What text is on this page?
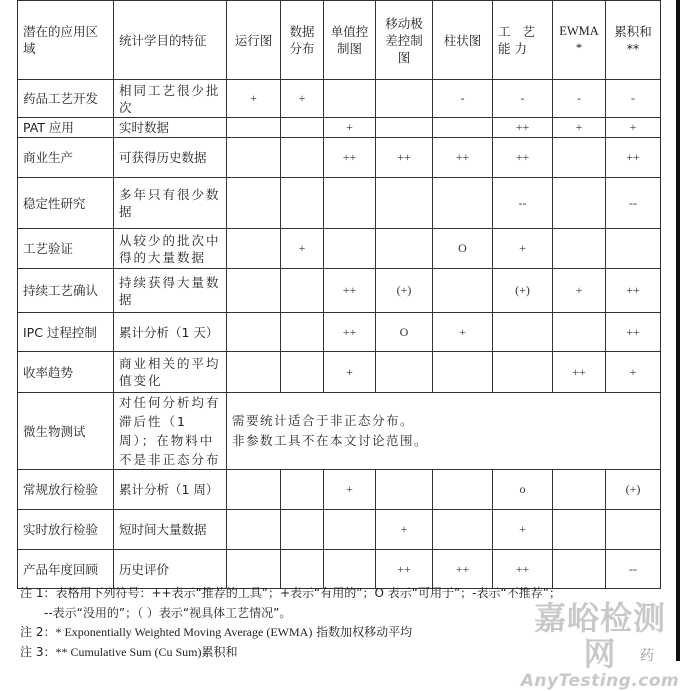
潜在的应用区域	统计学目的特征	运行图	数据分布	单值控制图	移动极差控制图	柱状图	工 艺 能力	EWMA *	累积和 **
药品工艺开发	相同工艺很少批次	+	+			-	-	-	-
PAT 应用	实时数据			+			++	+	+
商业生产	可获得历史数据			++	++	++	++		++
稳定性研究	多年只有很少数据						--		--
工艺验证	从较少的批次中得的大量数据		+			O	+		
持续工艺确认	持续获得大量数据			++	(+)		(+)	+	++
IPC 过程控制	累计分析（1 天）			++	O	+			++
收率趋势	商业相关的平均值变化			+				++	+
微生物测试	对任何分析均有滞后性（1 周）；在物料中不是非正态分布	需要统计适合于非正态分布。
非参数工具不在本文讨论范围。							

常规放行检验	累计分析（1 周）			+			o		(+)
实时放行检验	短时间大量数据				+		+		
产品年度回顾	历史评价				++	++	++		--
注 1：表格用下列符号：++表示“推荐的工具”；+表示“有用的”；O 表示“可用于”；-表示“不推荐”；
--表示“没用的”；（ ）表示“视具体工艺情况”。
注 2：* Exponentially Weighted Moving Average (EWMA) 指数加权移动平均
注 3：** Cumulative Sum (Cu Sum)累积和
嘉峪检测网
AnyTesting.com
药
